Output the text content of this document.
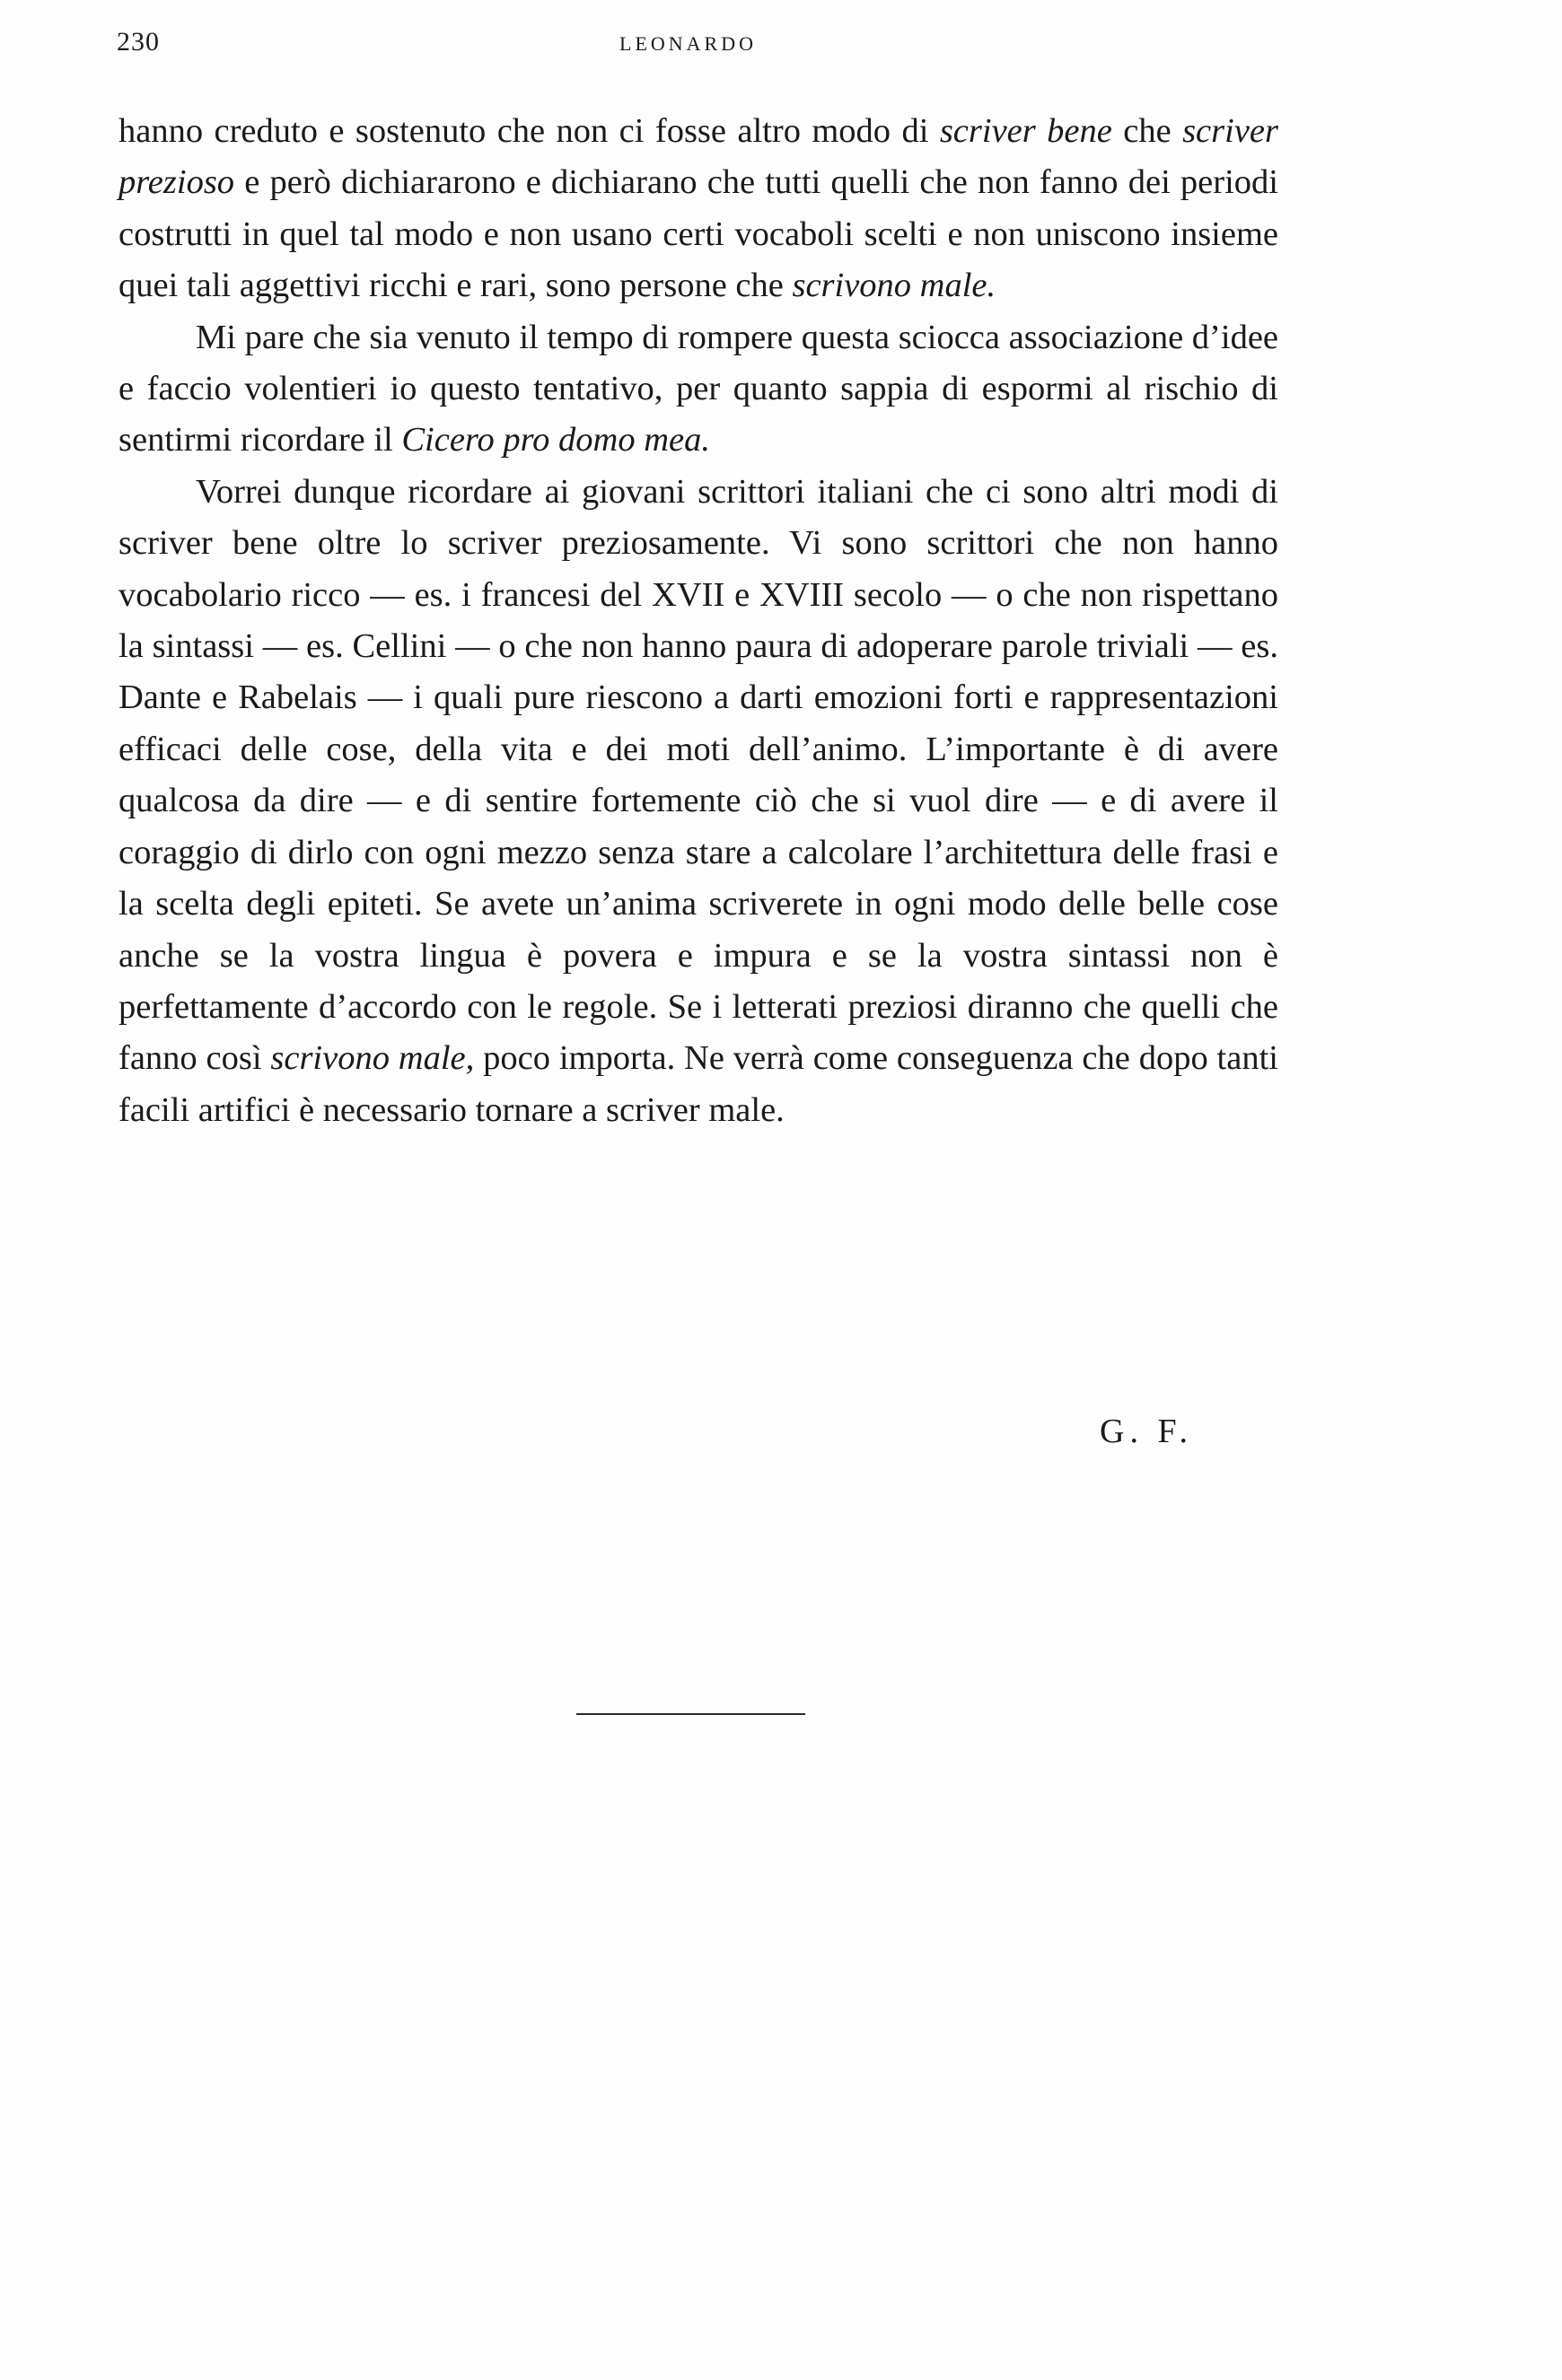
230	LEONARDO

hanno creduto e sostenuto che non ci fosse altro modo di scriver bene che scriver prezioso e però dichiararono e dichiarano che tutti quelli che non fanno dei periodi costrutti in quel tal modo e non usano certi vocaboli scelti e non uniscono insieme quei tali aggettivi ricchi e rari, sono persone che scrivono male.

Mi pare che sia venuto il tempo di rompere questa sciocca associazione d’idee e faccio volentieri io questo tentativo, per quanto sappia di espormi al rischio di sentirmi ricordare il Cicero pro domo mea.

Vorrei dunque ricordare ai giovani scrittori italiani che ci sono altri modi di scriver bene oltre lo scriver preziosamente. Vi sono scrittori che non hanno vocabolario ricco — es. i francesi del XVII e XVIII secolo — o che non rispettano la sintassi — es. Cellini — o che non hanno paura di adoperare parole triviali — es. Dante e Rabelais — i quali pure riescono a darti emozioni forti e rappresentazioni efficaci delle cose, della vita e dei moti dell’animo. L’importante è di avere qualcosa da dire — e di sentire fortemente ciò che si vuol dire — e di avere il coraggio di dirlo con ogni mezzo senza stare a calcolare l’architettura delle frasi e la scelta degli epiteti. Se avete un’anima scriverete in ogni modo delle belle cose anche se la vostra lingua è povera e impura e se la vostra sintassi non è perfettamente d’accordo con le regole. Se i letterati preziosi diranno che quelli che fanno così scrivono male, poco importa. Ne verrà come conseguenza che dopo tanti facili artifici è necessario tornare a scriver male.

G. F.
